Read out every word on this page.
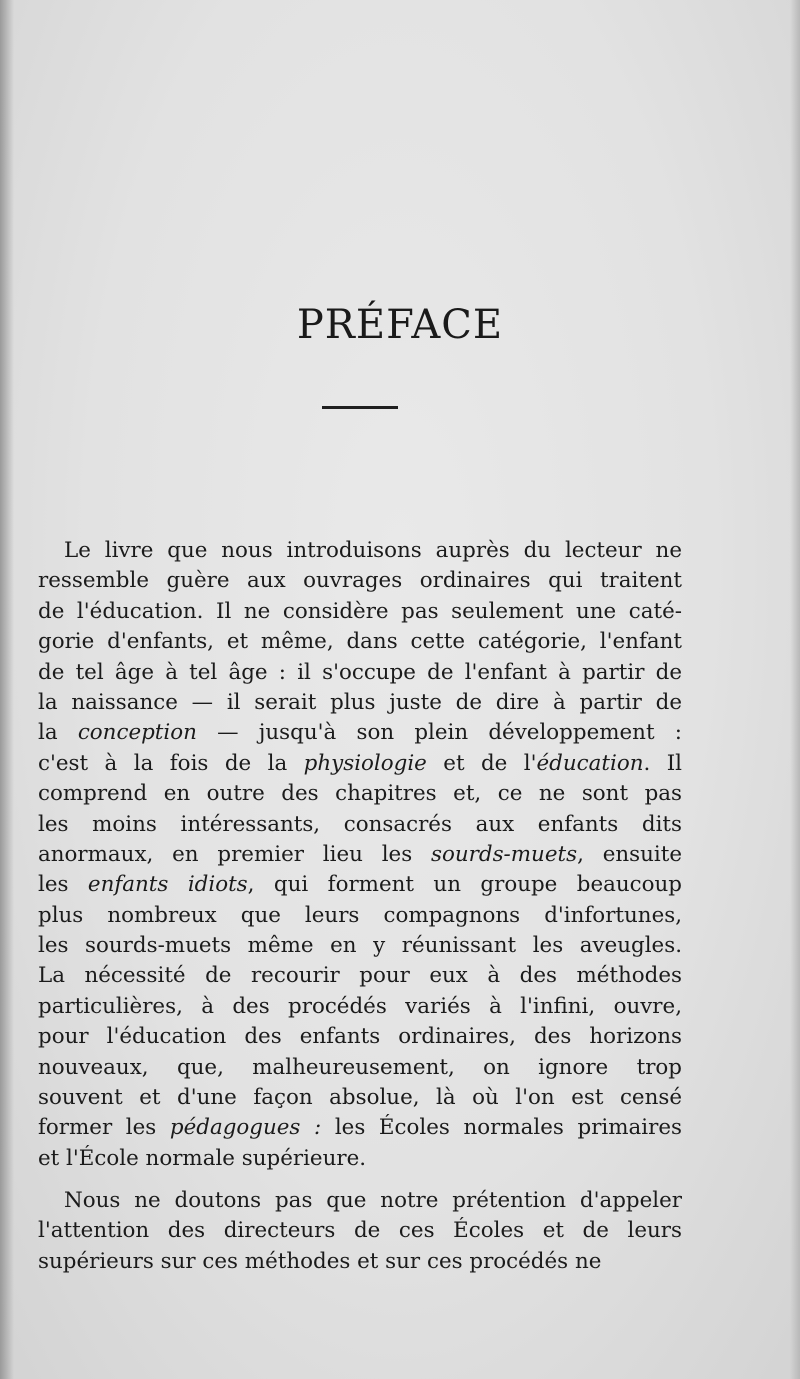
PRÉFACE
Le livre que nous introduisons auprès du lecteur ne
ressemble guère aux ouvrages ordinaires qui traitent
de l'éducation. Il ne considère pas seulement une caté-
gorie d'enfants, et même, dans cette catégorie, l'enfant
de tel âge à tel âge : il s'occupe de l'enfant à partir de
la naissance — il serait plus juste de dire à partir de
la conception — jusqu'à son plein développement :
c'est à la fois de la physiologie et de l'éducation. Il
comprend en outre des chapitres et, ce ne sont pas
les moins intéressants, consacrés aux enfants dits
anormaux, en premier lieu les sourds-muets, ensuite
les enfants idiots, qui forment un groupe beaucoup
plus nombreux que leurs compagnons d'infortunes,
les sourds-muets même en y réunissant les aveugles.
La nécessité de recourir pour eux à des méthodes
particulières, à des procédés variés à l'infini, ouvre,
pour l'éducation des enfants ordinaires, des horizons
nouveaux, que, malheureusement, on ignore trop
souvent et d'une façon absolue, là où l'on est censé
former les pédagogues : les Écoles normales primaires
et l'École normale supérieure.
Nous ne doutons pas que notre prétention d'appeler
l'attention des directeurs de ces Écoles et de leurs
supérieurs sur ces méthodes et sur ces procédés ne
